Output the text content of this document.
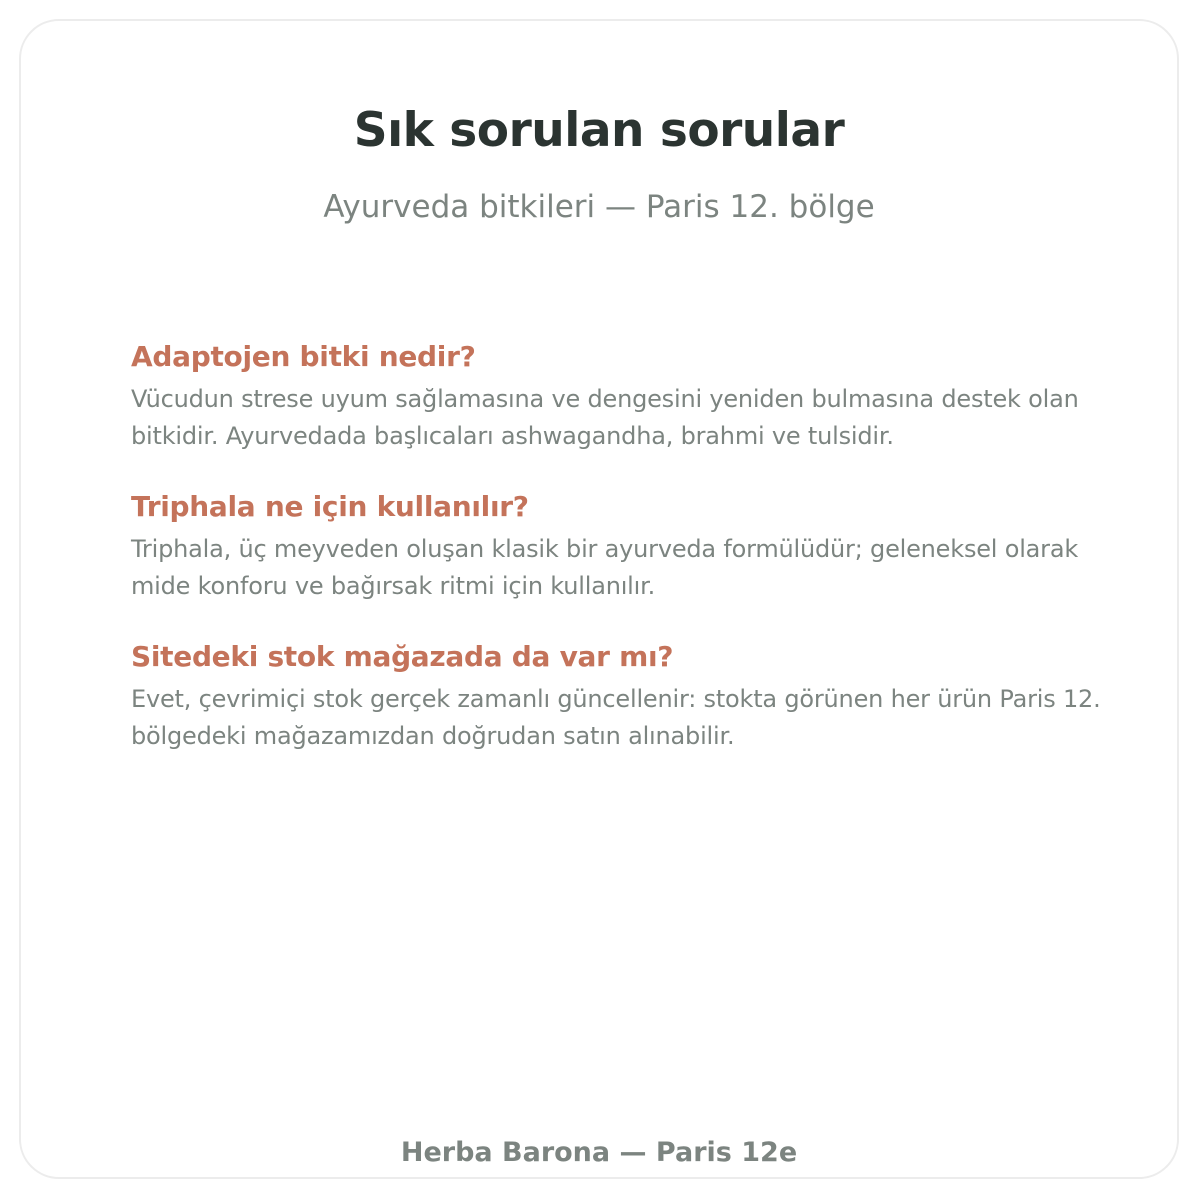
Sık sorulan sorular

Ayurveda bitkileri — Paris 12. bölge

Adaptojen bitki nedir?

Vücudun strese uyum sağlamasına ve dengesini yeniden bulmasına destek olan bitkidir. Ayurvedada başlıcaları ashwagandha, brahmi ve tulsidir.

Triphala ne için kullanılır?

Triphala, üç meyveden oluşan klasik bir ayurveda formülüdür; geleneksel olarak mide konforu ve bağırsak ritmi için kullanılır.

Sitedeki stok mağazada da var mı?

Evet, çevrimiçi stok gerçek zamanlı güncellenir: stokta görünen her ürün Paris 12. bölgedeki mağazamızdan doğrudan satın alınabilir.

Herba Barona — Paris 12e
